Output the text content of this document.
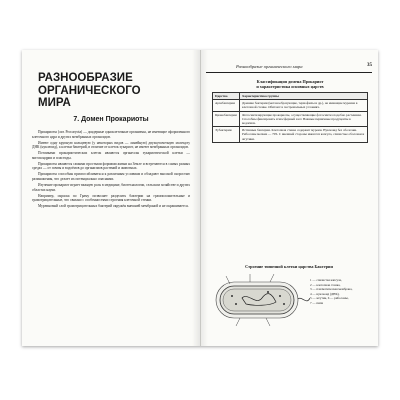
РАЗНООБРАЗИЕ
ОРГАНИЧЕСКОГО МИРА
7. Домен Прокариоты

Прокариоты (лат. Procaryota) — доядерные одноклеточные организмы, не имеющие оформленного клеточного ядра и других мембранных органоидов.

Имеют одну крупную кольцевую (у некоторых видов — линейную) двухцепочечную молекулу ДНК (нуклеоид), а клетки бактерий, в отличие от клеток эукариот, не имеют мембранных органоидов.

Потомками прокариотических клеток являются органеллы эукариотической клетки — митохондрии и пластиды.

Прокариоты являются самыми простыми формами жизни на Земле и встречаются в самых разных средах — от почвы и водоёмов до организмов растений и животных.

Прокариоты способны приспосабливаться к различным условиям и обладают высокой скоростью размножения, что делает их потенциально опасными.

Изучение прокариот играет важную роль в медицине, биотехнологии, сельском хозяйстве и других областях науки.

Например, окраска по Граму позволяет разделить бактерии на грамположительные и грамотрицательные, что связано с особенностями строения клеточной стенки.

Муреиновый слой грамотрицательных бактерий окружён внешней мембраной и не окрашивается.

Разнообразие органического мира	35
Классификация домена Прокариот
и характеристика основных царств
Царство	Характеристика группы
Архебактерии	Древние бактерии (метанообразующие, термофилы и др.), не имеющие муреина в клеточной стенке. Обитают в экстремальных условиях.
Цианобактерии	Фотосинтезирующие прокариоты, осуществляющие фотосинтез подобно растениям. Способны фиксировать атмосферный азот. Важные первичные продуценты в водоёмах.
Эубактерии	Истинные бактерии. Клеточная стенка содержит муреин. Нуклеоид без оболочки. Рибосомы мелкие — 70S. С внешней стороны имеются капсула, слизистые оболочки и жгутики.
Строение типичной клетки царства Бактерии
1 — слизистая капсула,
2 — клеточная стенка,
3 — плазматическая мембрана,
4 — нуклеоид (ДНК),
5 — жгутик, 6 — рибосомы,
7 — пили
